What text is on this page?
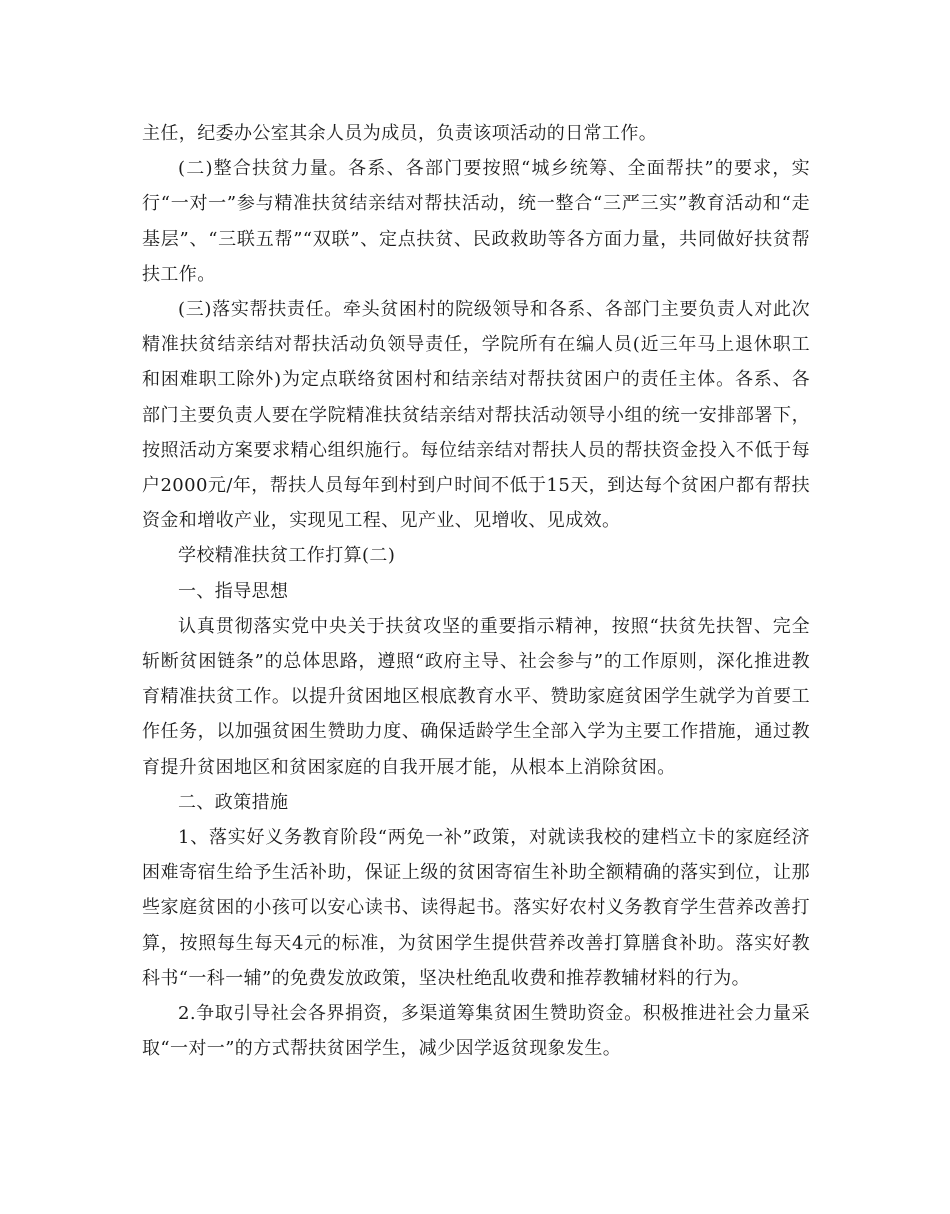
主任，纪委办公室其余人员为成员，负责该项活动的日常工作。

(二)整合扶贫力量。各系、各部门要按照“城乡统筹、全面帮扶”的要求，实行“一对一”参与精准扶贫结亲结对帮扶活动，统一整合“三严三实”教育活动和“走基层”、“三联五帮”“双联”、定点扶贫、民政救助等各方面力量，共同做好扶贫帮扶工作。

(三)落实帮扶责任。牵头贫困村的院级领导和各系、各部门主要负责人对此次精准扶贫结亲结对帮扶活动负领导责任，学院所有在编人员(近三年马上退休职工和困难职工除外)为定点联络贫困村和结亲结对帮扶贫困户的责任主体。各系、各部门主要负责人要在学院精准扶贫结亲结对帮扶活动领导小组的统一安排部署下，按照活动方案要求精心组织施行。每位结亲结对帮扶人员的帮扶资金投入不低于每户2000元/年，帮扶人员每年到村到户时间不低于15天，到达每个贫困户都有帮扶资金和增收产业，实现见工程、见产业、见增收、见成效。

学校精准扶贫工作打算(二)

一、指导思想

认真贯彻落实党中央关于扶贫攻坚的重要指示精神，按照“扶贫先扶智、完全斩断贫困链条”的总体思路，遵照“政府主导、社会参与”的工作原则，深化推进教育精准扶贫工作。以提升贫困地区根底教育水平、赞助家庭贫困学生就学为首要工作任务，以加强贫困生赞助力度、确保适龄学生全部入学为主要工作措施，通过教育提升贫困地区和贫困家庭的自我开展才能，从根本上消除贫困。

二、政策措施

1、落实好义务教育阶段“两免一补”政策，对就读我校的建档立卡的家庭经济困难寄宿生给予生活补助，保证上级的贫困寄宿生补助全额精确的落实到位，让那些家庭贫困的小孩可以安心读书、读得起书。落实好农村义务教育学生营养改善打算，按照每生每天4元的标准，为贫困学生提供营养改善打算膳食补助。落实好教科书“一科一辅”的免费发放政策，坚决杜绝乱收费和推荐教辅材料的行为。

2.争取引导社会各界捐资，多渠道筹集贫困生赞助资金。积极推进社会力量采取“一对一”的方式帮扶贫困学生，减少因学返贫现象发生。
